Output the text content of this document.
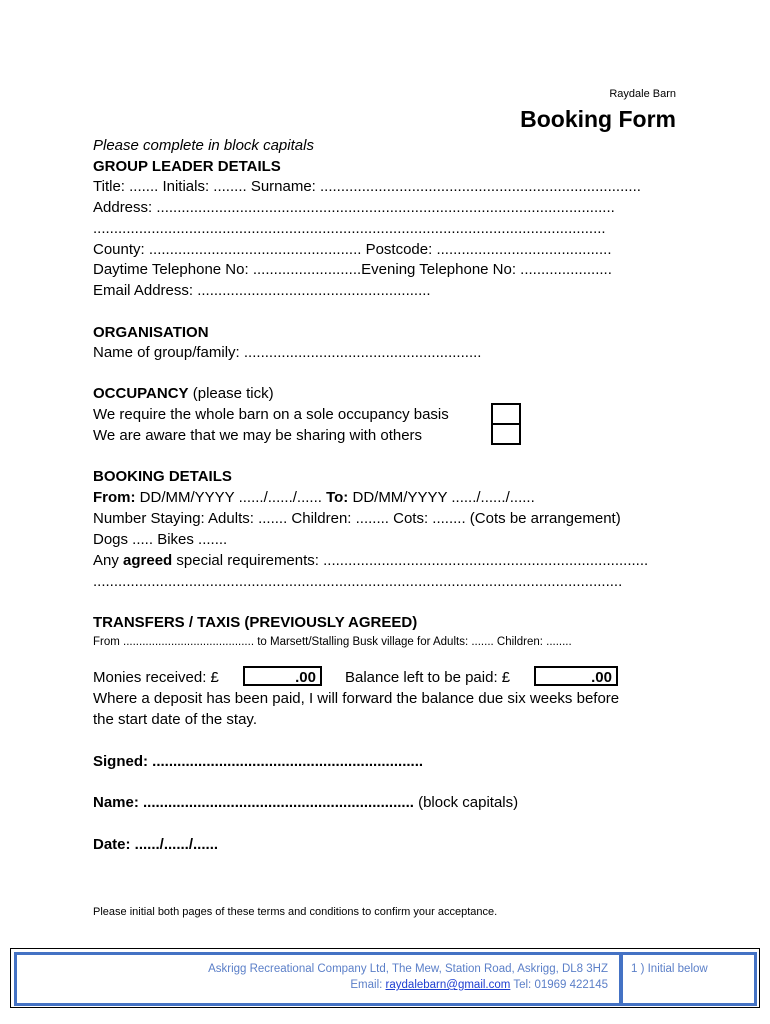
Raydale Barn
Booking Form
Please complete in block capitals
GROUP LEADER DETAILS
Title: ....... Initials: ........ Surname: .............................................................................
Address: ..............................................................................................................
...........................................................................................................................
County: ................................................... Postcode: ..........................................
Daytime Telephone No: ..........................Evening Telephone No: ......................
Email Address: ........................................................
ORGANISATION
Name of group/family: .........................................................
OCCUPANCY (please tick)
We require the whole barn on a sole occupancy basis
We are aware that we may be sharing with others
BOOKING DETAILS
From: DD/MM/YYYY ....../....../...... To: DD/MM/YYYY ....../....../......
Number Staying: Adults: ....... Children: ........ Cots: ........ (Cots be arrangement)
Dogs ..... Bikes .......
Any agreed special requirements: ..............................................................................
...............................................................................................................................
TRANSFERS / TAXIS (PREVIOUSLY AGREED)
From ......................................... to Marsett/Stalling Busk village for Adults: ....... Children: ........
Monies received: £	.00	Balance left to be paid: £	.00
Where a deposit has been paid, I will forward the balance due six weeks before
the start date of the stay.
Signed: .................................................................
Name: ................................................................. (block capitals)
Date: ....../....../......
Please initial both pages of these terms and conditions to confirm your acceptance.
Askrigg Recreational Company Ltd, The Mew, Station Road, Askrigg, DL8 3HZ
Email: raydalebarn@gmail.com Tel: 01969 422145
1 ) Initial below
